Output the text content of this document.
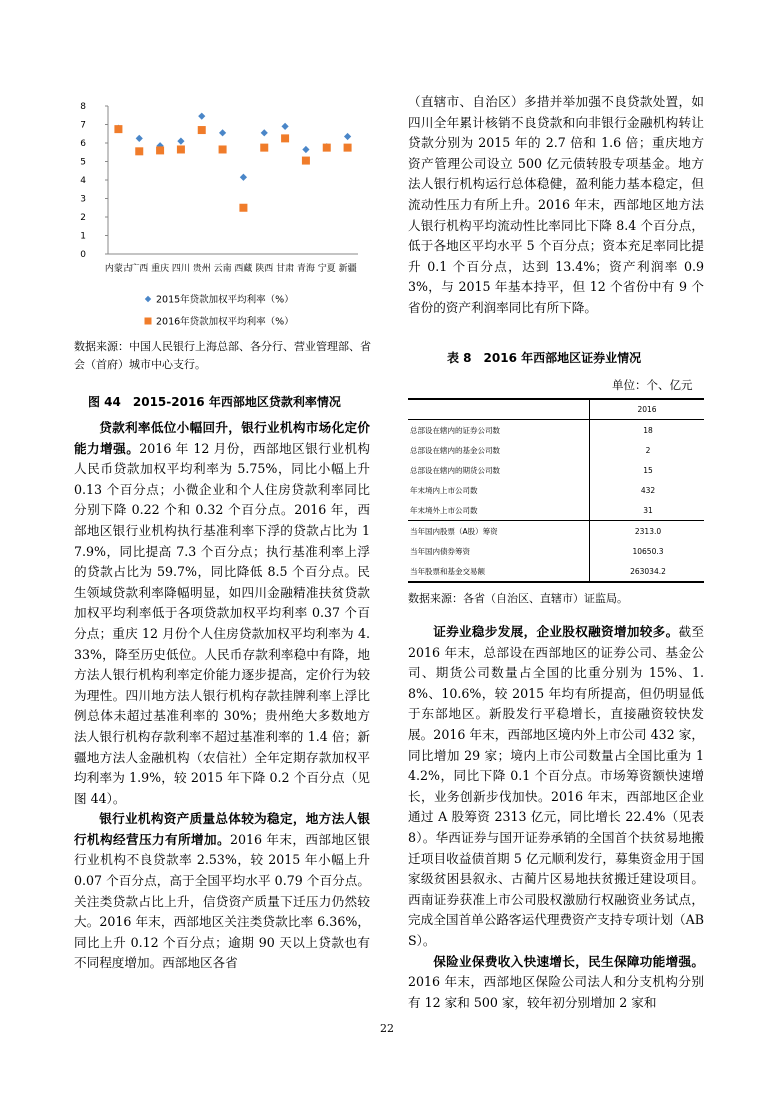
0
1
2
3
4
5
6
7
8
内蒙古
广西 重庆 四川 贵州 云南 西藏 陕西 甘肃 青海 宁夏 新疆
2015年贷款加权平均利率（%）
2016年贷款加权平均利率（%）
数据来源：中国人民银行上海总部、各分行、营业管理部、省会（首府）城市中心支行。
图 44　2015-2016 年西部地区贷款利率情况

贷款利率低位小幅回升，银行业机构市场化定价能力增强。2016 年 12 月份，西部地区银行业机构人民币贷款加权平均利率为 5.75%，同比小幅上升 0.13 个百分点；小微企业和个人住房贷款利率同比分别下降 0.22 个和 0.32 个百分点。2016 年，西部地区银行业机构执行基准利率下浮的贷款占比为 17.9%，同比提高 7.3 个百分点；执行基准利率上浮的贷款占比为 59.7%，同比降低 8.5 个百分点。民生领域贷款利率降幅明显，如四川金融精准扶贫贷款加权平均利率低于各项贷款加权平均利率 0.37 个百分点；重庆 12 月份个人住房贷款加权平均利率为 4.33%，降至历史低位。人民币存款利率稳中有降，地方法人银行机构利率定价能力逐步提高，定价行为较为理性。四川地方法人银行机构存款挂牌利率上浮比例总体未超过基准利率的 30%；贵州绝大多数地方法人银行机构存款利率不超过基准利率的 1.4 倍；新疆地方法人金融机构（农信社）全年定期存款加权平均利率为 1.9%，较 2015 年下降 0.2 个百分点（见图 44）。

银行业机构资产质量总体较为稳定，地方法人银行机构经营压力有所增加。2016 年末，西部地区银行业机构不良贷款率 2.53%，较 2015 年小幅上升 0.07 个百分点，高于全国平均水平 0.79 个百分点。关注类贷款占比上升，信贷资产质量下迁压力仍然较大。2016 年末，西部地区关注类贷款比率 6.36%，同比上升 0.12 个百分点；逾期 90 天以上贷款也有不同程度增加。西部地区各省

（直辖市、自治区）多措并举加强不良贷款处置，如四川全年累计核销不良贷款和向非银行金融机构转让贷款分别为 2015 年的 2.7 倍和 1.6 倍；重庆地方资产管理公司设立 500 亿元债转股专项基金。地方法人银行机构运行总体稳健，盈利能力基本稳定，但流动性压力有所上升。2016 年末，西部地区地方法人银行机构平均流动性比率同比下降 8.4 个百分点，低于各地区平均水平 5 个百分点；资本充足率同比提升 0.1 个百分点，达到 13.4%；资产利润率 0.93%，与 2015 年基本持平，但 12 个省份中有 9 个省份的资产利润率同比有所下降。

表 8　2016 年西部地区证券业情况
单位：个、亿元
	2016
总部设在辖内的证券公司数	18
总部设在辖内的基金公司数	2
总部设在辖内的期货公司数	15
年末境内上市公司数	432
年末境外上市公司数	31
当年国内股票（A股）筹资	2313.0
当年国内债券筹资	10650.3
当年股票和基金交易额	263034.2
数据来源：各省（自治区、直辖市）证监局。

证券业稳步发展，企业股权融资增加较多。截至 2016 年末，总部设在西部地区的证券公司、基金公司、期货公司数量占全国的比重分别为 15%、1.8%、10.6%，较 2015 年均有所提高，但仍明显低于东部地区。新股发行平稳增长，直接融资较快发展。2016 年末，西部地区境内外上市公司 432 家，同比增加 29 家；境内上市公司数量占全国比重为 14.2%，同比下降 0.1 个百分点。市场筹资额快速增长，业务创新步伐加快。2016 年末，西部地区企业通过 A 股筹资 2313 亿元，同比增长 22.4%（见表 8）。华西证券与国开证券承销的全国首个扶贫易地搬迁项目收益债首期 5 亿元顺利发行，募集资金用于国家级贫困县叙永、古蔺片区易地扶贫搬迁建设项目。西南证券获准上市公司股权激励行权融资业务试点，完成全国首单公路客运代理费资产支持专项计划（ABS）。

保险业保费收入快速增长，民生保障功能增强。2016 年末，西部地区保险公司法人和分支机构分别有 12 家和 500 家，较年初分别增加 2 家和

22
